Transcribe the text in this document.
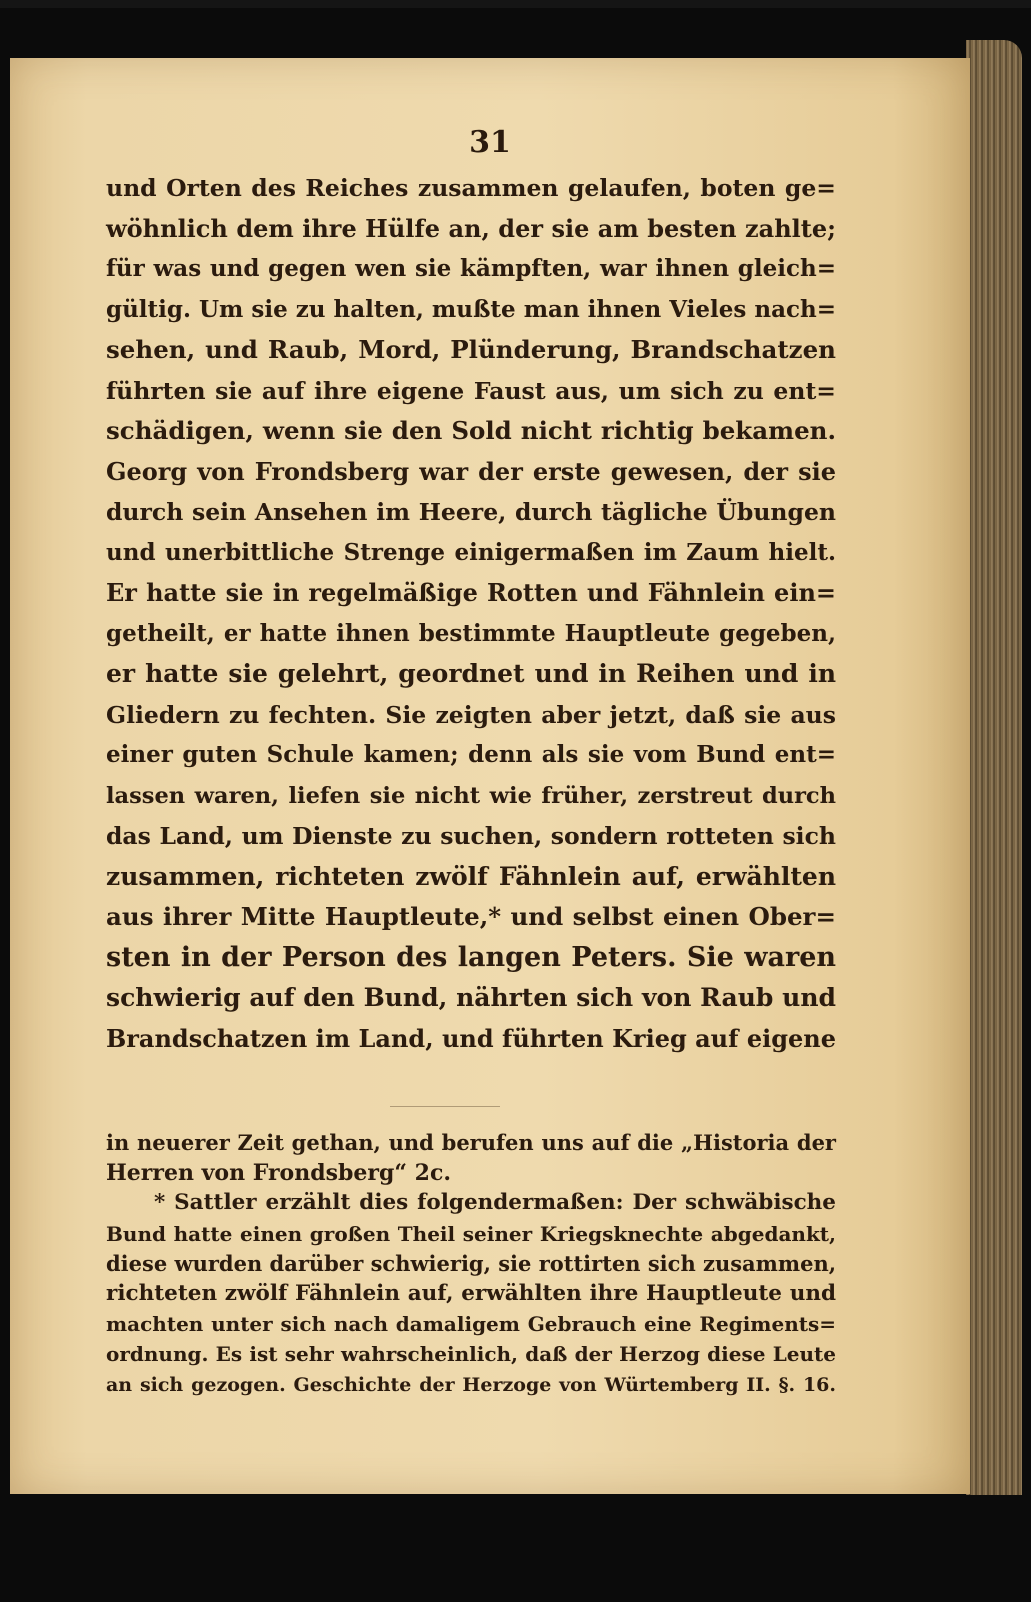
31

und Orten des Reiches zusammen gelaufen, boten ge=
wöhnlich dem ihre Hülfe an, der sie am besten zahlte;
für was und gegen wen sie kämpften, war ihnen gleich=
gültig. Um sie zu halten, mußte man ihnen Vieles nach=
sehen, und Raub, Mord, Plünderung, Brandschatzen
führten sie auf ihre eigene Faust aus, um sich zu ent=
schädigen, wenn sie den Sold nicht richtig bekamen.
Georg von Frondsberg war der erste gewesen, der sie
durch sein Ansehen im Heere, durch tägliche Übungen
und unerbittliche Strenge einigermaßen im Zaum hielt.
Er hatte sie in regelmäßige Rotten und Fähnlein ein=
getheilt, er hatte ihnen bestimmte Hauptleute gegeben,
er hatte sie gelehrt, geordnet und in Reihen und in
Gliedern zu fechten. Sie zeigten aber jetzt, daß sie aus
einer guten Schule kamen; denn als sie vom Bund ent=
lassen waren, liefen sie nicht wie früher, zerstreut durch
das Land, um Dienste zu suchen, sondern rotteten sich
zusammen, richteten zwölf Fähnlein auf, erwählten
aus ihrer Mitte Hauptleute,* und selbst einen Ober=
sten in der Person des langen Peters. Sie waren
schwierig auf den Bund, nährten sich von Raub und
Brandschatzen im Land, und führten Krieg auf eigene
in neuerer Zeit gethan, und berufen uns auf die „Historia der
Herren von Frondsberg“ 2c.
* Sattler erzählt dies folgendermaßen: Der schwäbische
Bund hatte einen großen Theil seiner Kriegsknechte abgedankt,
diese wurden darüber schwierig, sie rottirten sich zusammen,
richteten zwölf Fähnlein auf, erwählten ihre Hauptleute und
machten unter sich nach damaligem Gebrauch eine Regiments=
ordnung. Es ist sehr wahrscheinlich, daß der Herzog diese Leute
an sich gezogen. Geschichte der Herzoge von Würtemberg II. §. 16.
